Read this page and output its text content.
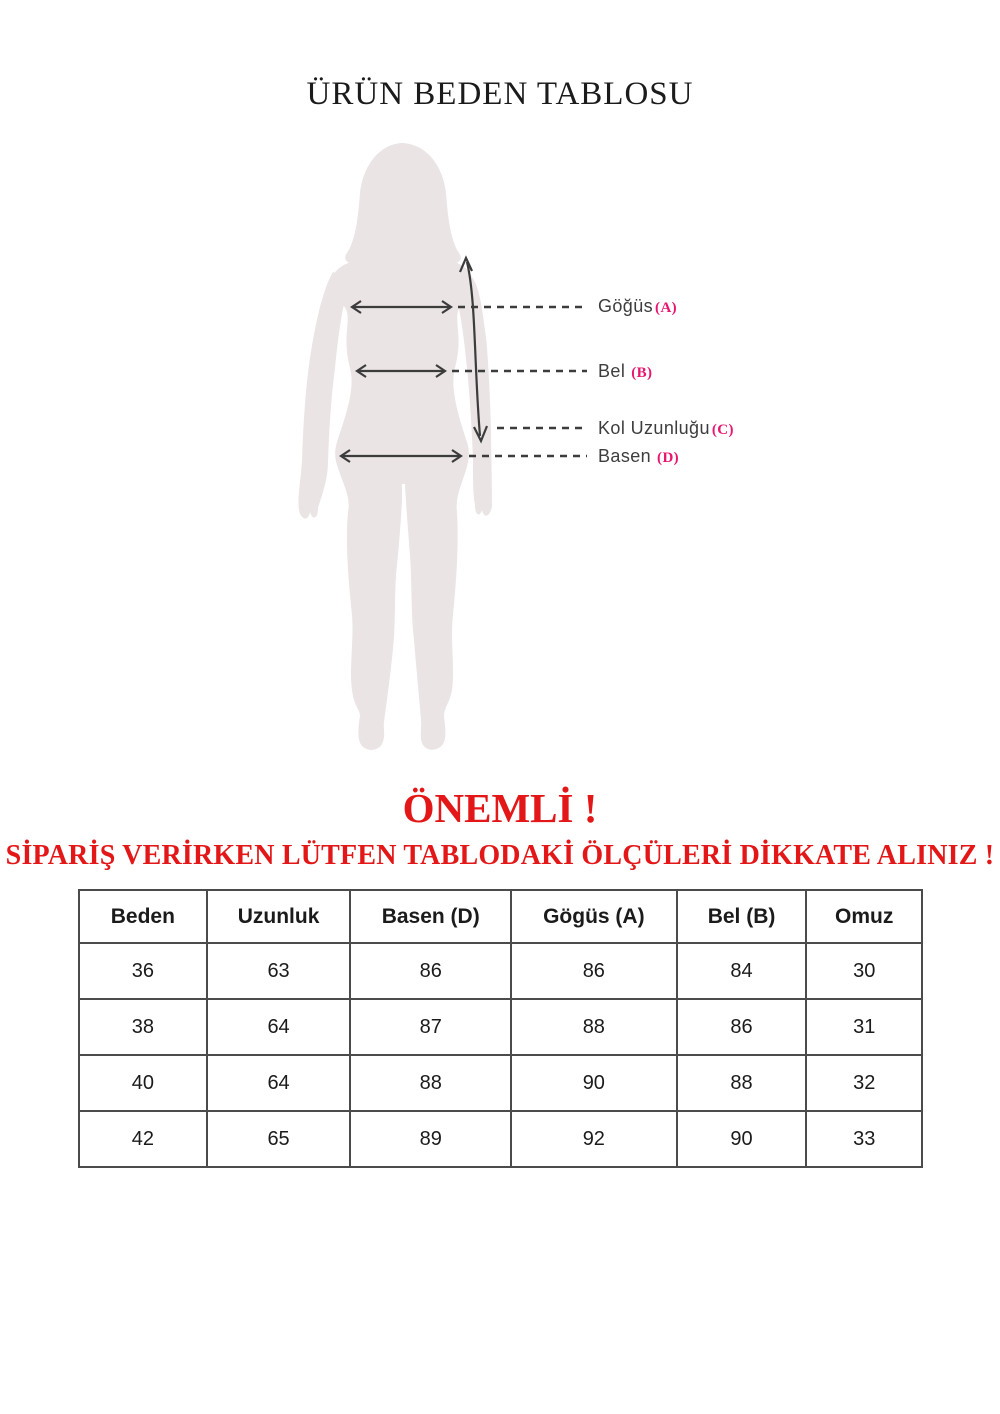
ÜRÜN BEDEN TABLOSU
Göğüs (A)
Bel (B)
Kol Uzunluğu (C)
Basen (D)
ÖNEMLİ !
SİPARİŞ VERİRKEN LÜTFEN TABLODAKİ ÖLÇÜLERİ DİKKATE ALINIZ !
Beden	Uzunluk	Basen (D)	Gögüs (A)	Bel (B)	Omuz
36	63	86	86	84	30
38	64	87	88	86	31
40	64	88	90	88	32
42	65	89	92	90	33
